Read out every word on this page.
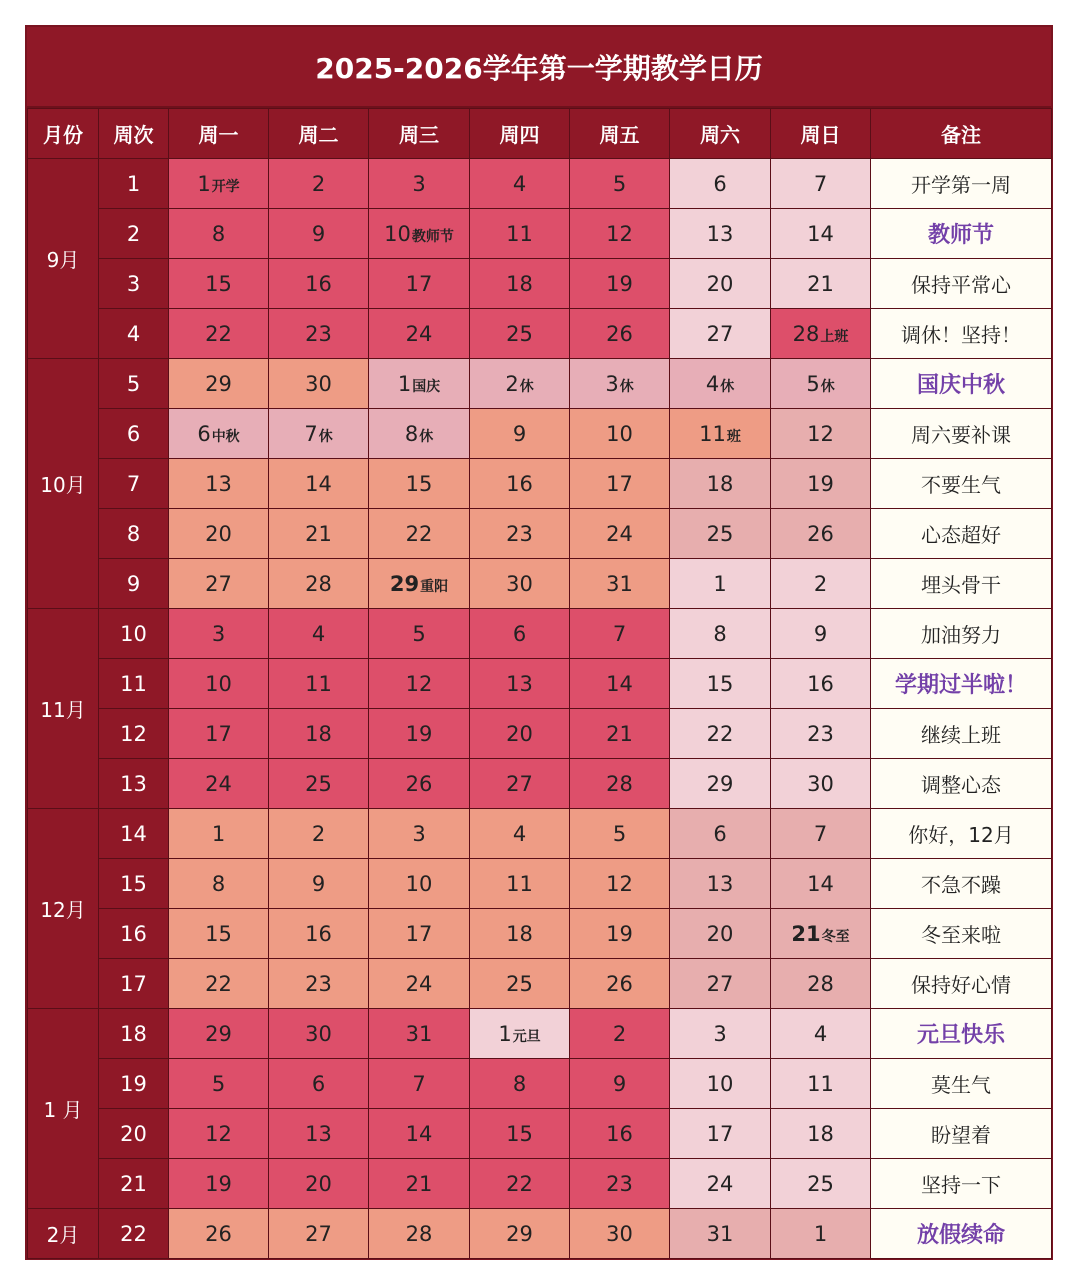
2025-2026学年第一学期教学日历
月份	周次	周一	周二	周三	周四	周五	周六	周日	备注
9月	1	1开学	2	3	4	5	6	7	开学第一周
	2	8	9	10教师节	11	12	13	14	教师节
	3	15	16	17	18	19	20	21	保持平常心
	4	22	23	24	25	26	27	28上班	调休！坚持！
10月	5	29	30	1国庆	2休	3休	4休	5休	国庆中秋
	6	6中秋	7休	8休	9	10	11班	12	周六要补课
	7	13	14	15	16	17	18	19	不要生气
	8	20	21	22	23	24	25	26	心态超好
	9	27	28	29重阳	30	31	1	2	埋头骨干
11月	10	3	4	5	6	7	8	9	加油努力
	11	10	11	12	13	14	15	16	学期过半啦！
	12	17	18	19	20	21	22	23	继续上班
	13	24	25	26	27	28	29	30	调整心态
12月	14	1	2	3	4	5	6	7	你好，12月
	15	8	9	10	11	12	13	14	不急不躁
	16	15	16	17	18	19	20	21冬至	冬至来啦
	17	22	23	24	25	26	27	28	保持好心情
1 月	18	29	30	31	1元旦	2	3	4	元旦快乐
	19	5	6	7	8	9	10	11	莫生气
	20	12	13	14	15	16	17	18	盼望着
	21	19	20	21	22	23	24	25	坚持一下
2月	22	26	27	28	29	30	31	1	放假续命
